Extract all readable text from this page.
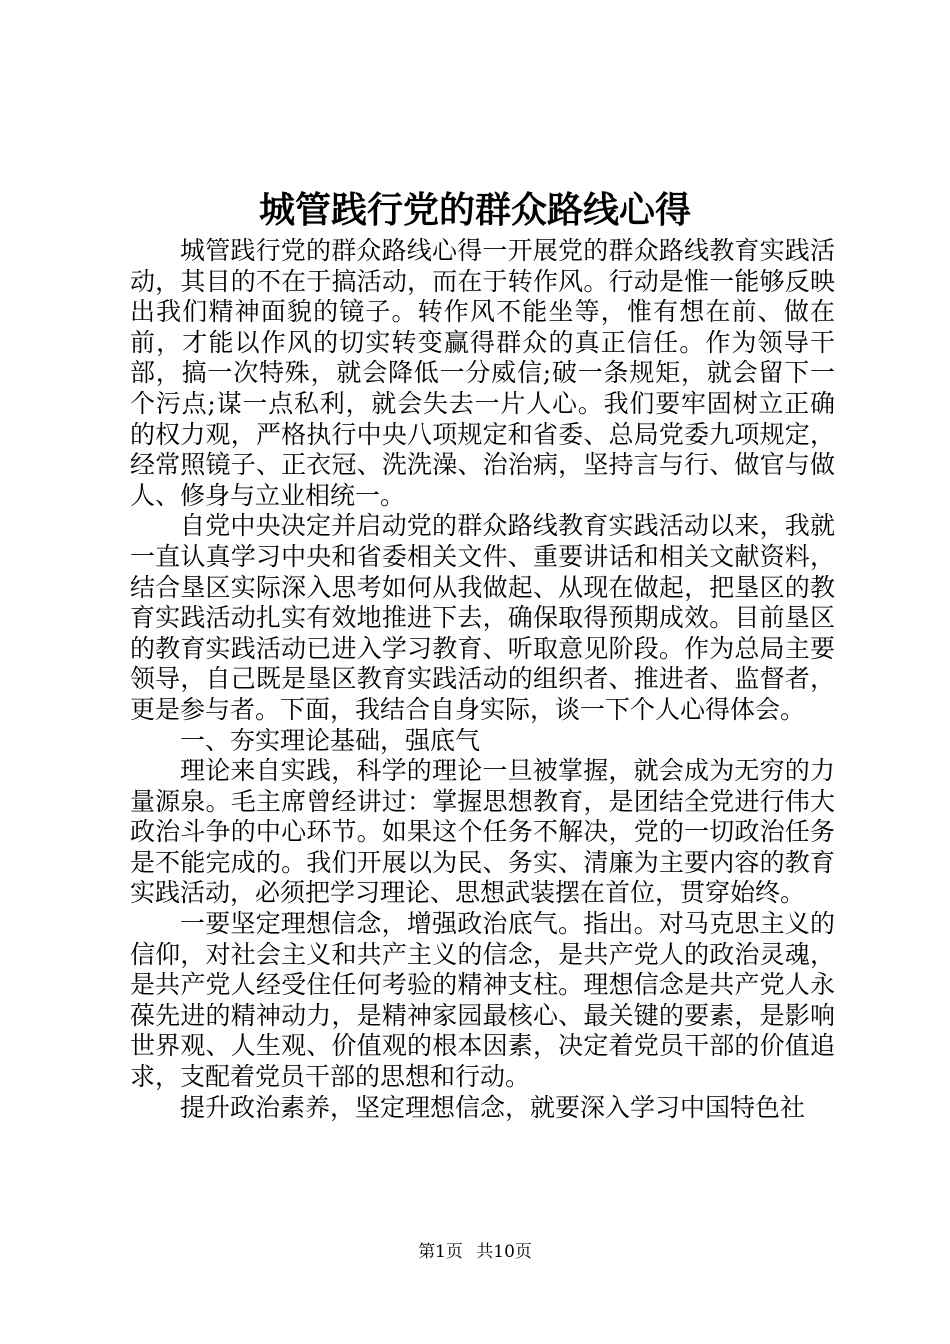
城管践行党的群众路线心得

城管践行党的群众路线心得一开展党的群众路线教育实践活动，其目的不在于搞活动，而在于转作风。行动是惟一能够反映出我们精神面貌的镜子。转作风不能坐等，惟有想在前、做在前，才能以作风的切实转变赢得群众的真正信任。作为领导干部，搞一次特殊，就会降低一分威信;破一条规矩，就会留下一个污点;谋一点私利，就会失去一片人心。我们要牢固树立正确的权力观，严格执行中央八项规定和省委、总局党委九项规定，经常照镜子、正衣冠、洗洗澡、治治病，坚持言与行、做官与做人、修身与立业相统一。

自党中央决定并启动党的群众路线教育实践活动以来，我就一直认真学习中央和省委相关文件、重要讲话和相关文献资料，结合垦区实际深入思考如何从我做起、从现在做起，把垦区的教育实践活动扎实有效地推进下去，确保取得预期成效。目前垦区的教育实践活动已进入学习教育、听取意见阶段。作为总局主要领导，自己既是垦区教育实践活动的组织者、推进者、监督者，更是参与者。下面，我结合自身实际，谈一下个人心得体会。

一、夯实理论基础，强底气

理论来自实践，科学的理论一旦被掌握，就会成为无穷的力量源泉。毛主席曾经讲过：掌握思想教育，是团结全党进行伟大政治斗争的中心环节。如果这个任务不解决，党的一切政治任务是不能完成的。我们开展以为民、务实、清廉为主要内容的教育实践活动，必须把学习理论、思想武装摆在首位，贯穿始终。

一要坚定理想信念，增强政治底气。指出。对马克思主义的信仰，对社会主义和共产主义的信念，是共产党人的政治灵魂，是共产党人经受住任何考验的精神支柱。理想信念是共产党人永葆先进的精神动力，是精神家园最核心、最关键的要素，是影响世界观、人生观、价值观的根本因素，决定着党员干部的价值追求，支配着党员干部的思想和行动。

提升政治素养，坚定理想信念，就要深入学习中国特色社

第1页 共10页
